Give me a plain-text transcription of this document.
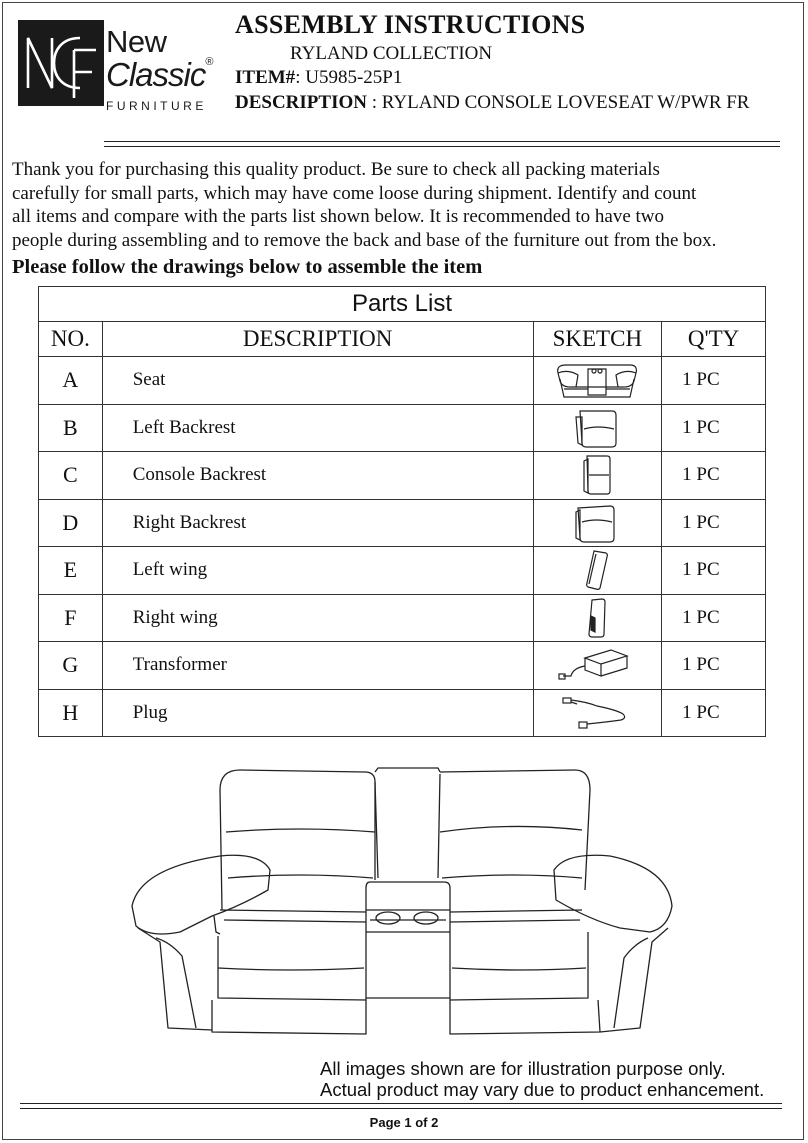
New
Classic®
FURNITURE
ASSEMBLY INSTRUCTIONS
RYLAND COLLECTION
ITEM#: U5985-25P1
DESCRIPTION : RYLAND CONSOLE LOVESEAT W/PWR FR

Thank you for purchasing this quality product. Be sure to check all packing materials

carefully for small parts, which may have come loose during shipment. Identify and count

all items and compare with the parts list shown below. It is recommended to have two

people during assembling and to remove the back and base of the furniture out from the box.

Please follow the drawings below to assemble the item
Parts List			
NO.	DESCRIPTION	SKETCH	Q'TY
A	Seat		1 PC
B	Left Backrest		1 PC
C	Console Backrest		1 PC
D	Right Backrest		1 PC
E	Left wing		1 PC
F	Right wing		1 PC
G	Transformer		1 PC
H	Plug		1 PC

All images shown are for illustration purpose only.

Actual product may vary due to product enhancement.

Page 1 of 2
